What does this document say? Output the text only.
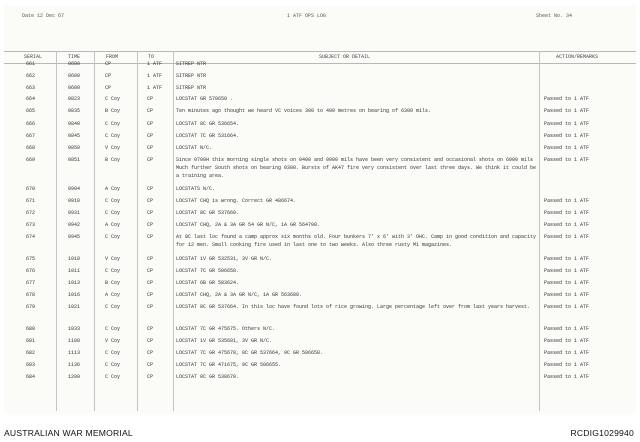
Date 12 Dec 67	1 ATF OPS LOG	Sheet No. 34
SERIAL	TIME	FROM	TO	SUBJECT OR DETAIL	ACTION/REMARKS
661	0600	CP	1 ATF	SITREP NTR
662	0600	CP	1 ATF	SITREP NTR
663	0600	CP	1 ATF	SITREP NTR
664	0823	C Coy	CP	LOCSTAT GR 570650 .	Passed to 1 ATF
665	0835	B Coy	CP	Ten minutes ago thought we heard VC voices 300 to 400 metres on bearing of 6300 mils.	Passed to 1 ATF
666	0840	C Coy	CP	LOCSTAT 8C GR 536654.	Passed to 1 ATF
667	0845	C Coy	CP	LOCSTAT 7C GR 531664.	Passed to 1 ATF
668	0850	V Coy	CP	LOCSTAT N/C.	Passed to 1 ATF
669	0851	B Coy	CP	Since 0700H this morning single shots on 0400 and 0900 mils have been very consistent and occasional shots on 6000 mils Much further South shots on bearing 0300. Bursts of AK47 fire very consistent over last three days. We think it could be a training area.
Passed to 1 ATF
670	0904	A Coy	CP	LOCSTATS N/C.
671	0910	C Coy	CP	LOCSTAT CHQ is wrong. Correct GR 486674.	Passed to 1 ATF
672	0931	C Coy	CP	LOCSTAT 8C GR 537660.	Passed to 1 ATF
673	0942	A Coy	CP	LOCSTAT CHQ, 2A & 3A GR 54 GR N/C, 1A GR 564700.	Passed to 1 ATF
674	0945	C Coy	CP	At 8C last loc found a camp approx six months old. Four bunkers 7' x 6' with 3' OHC. Camp in good condition and capacity for 12 men. Small cooking fire used in last one to two weeks. Also three rusty M1 magazines.
Passed to 1 ATF
675	1010	V Coy	CP	LOCSTAT 1V GR 532531, 3V GR N/C.	Passed to 1 ATF
676	1011	C Coy	CP	LOCSTAT 7C GR 506658.	Passed to 1 ATF
677	1013	B Coy	CP	LOCSTAT 6B GR 583624.	Passed to 1 ATF
678	1016	A Coy	CP	LOCSTAT CHQ, 2A & 3A GR N/C, 1A GR 563680.	Passed to 1 ATF
679	1021	C Coy	CP	LOCSTAT 8C GR 537664. In this loc have found lots of rice growing. Large percentage left over from last years harvest.	Passed to 1 ATF
680	1033	C Coy	CP	LOCSTAT 7C GR 475675. Others N/C.	Passed to 1 ATF
681	1108	V Coy	CP	LOCSTAT 1V GR 535601, 3V GR N/C.	Passed to 1 ATF
682	1113	C Coy	CP	LOCSTAT 7C GR 475678, 8C GR 537664, 9C GR 506658.	Passed to 1 ATF
683	1136	C Coy	CP	LOCSTAT 7C GR 471675, 9C GR 506655.	Passed to 1 ATF
684	1200	C Coy	CP	LOCSTAT 8C GR 538670.	Passed to 1 ATF
AUSTRALIAN WAR MEMORIAL	RCDIG1029940
